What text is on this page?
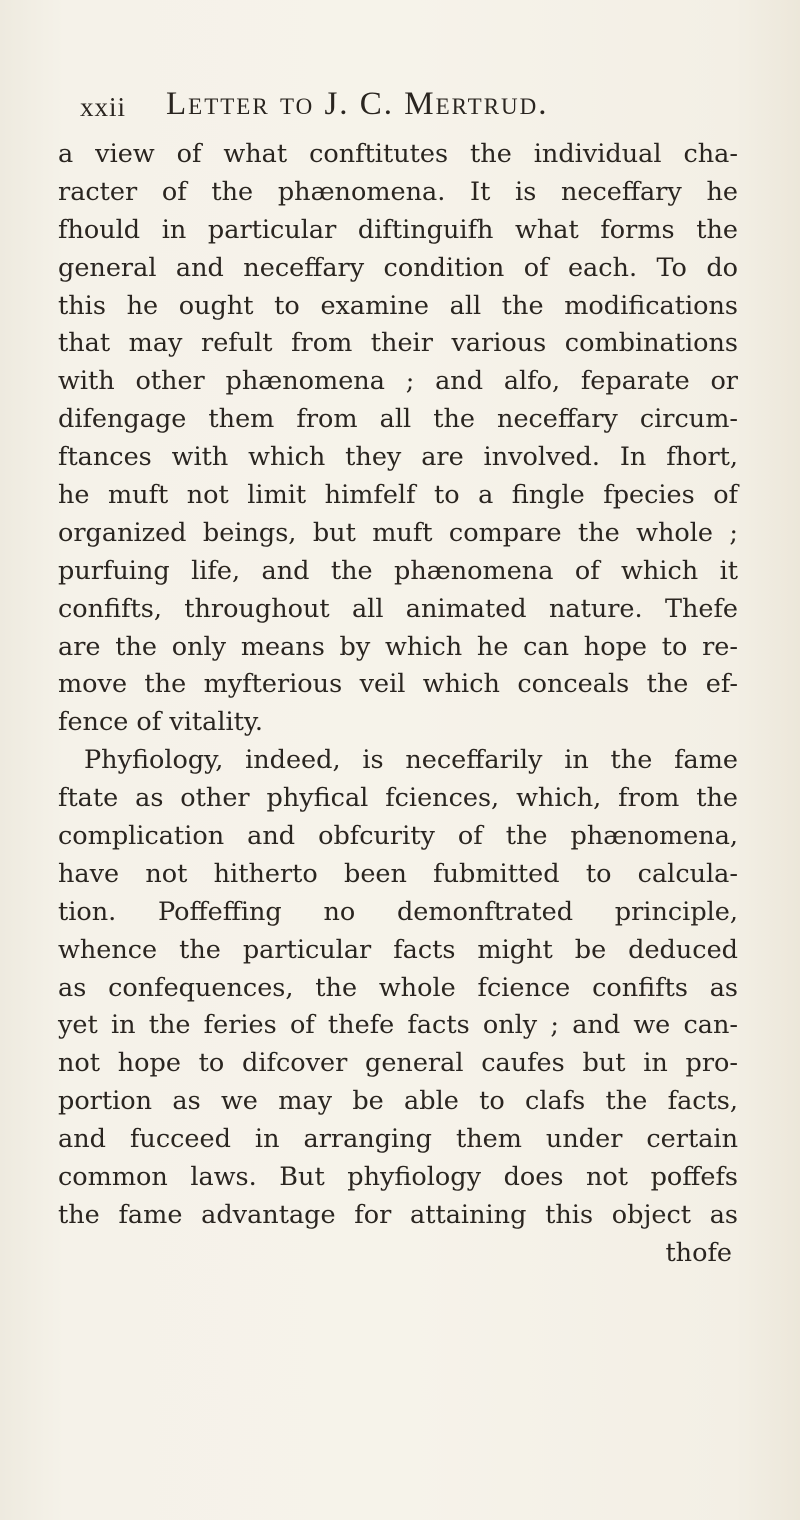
xxii Letter to J. C. Mertrud.
a view of what conftitutes the individual cha-
racter of the phænomena. It is neceffary he
fhould in particular diftinguifh what forms the
general and neceffary condition of each. To do
this he ought to examine all the modifications
that may refult from their various combinations
with other phænomena ; and alfo, feparate or
difengage them from all the neceffary circum-
ftances with which they are involved. In fhort,
he muft not limit himfelf to a fingle fpecies of
organized beings, but muft compare the whole ;
purfuing life, and the phænomena of which it
confifts, throughout all animated nature. Thefe
are the only means by which he can hope to re-
move the myfterious veil which conceals the ef-
fence of vitality.
Phyfiology, indeed, is neceffarily in the fame
ftate as other phyfical fciences, which, from the
complication and obfcurity of the phænomena,
have not hitherto been fubmitted to calcula-
tion. Poffeffing no demonftrated principle,
whence the particular facts might be deduced
as confequences, the whole fcience confifts as
yet in the feries of thefe facts only ; and we can-
not hope to difcover general caufes but in pro-
portion as we may be able to clafs the facts,
and fucceed in arranging them under certain
common laws. But phyfiology does not poffefs
the fame advantage for attaining this object as
thofe
